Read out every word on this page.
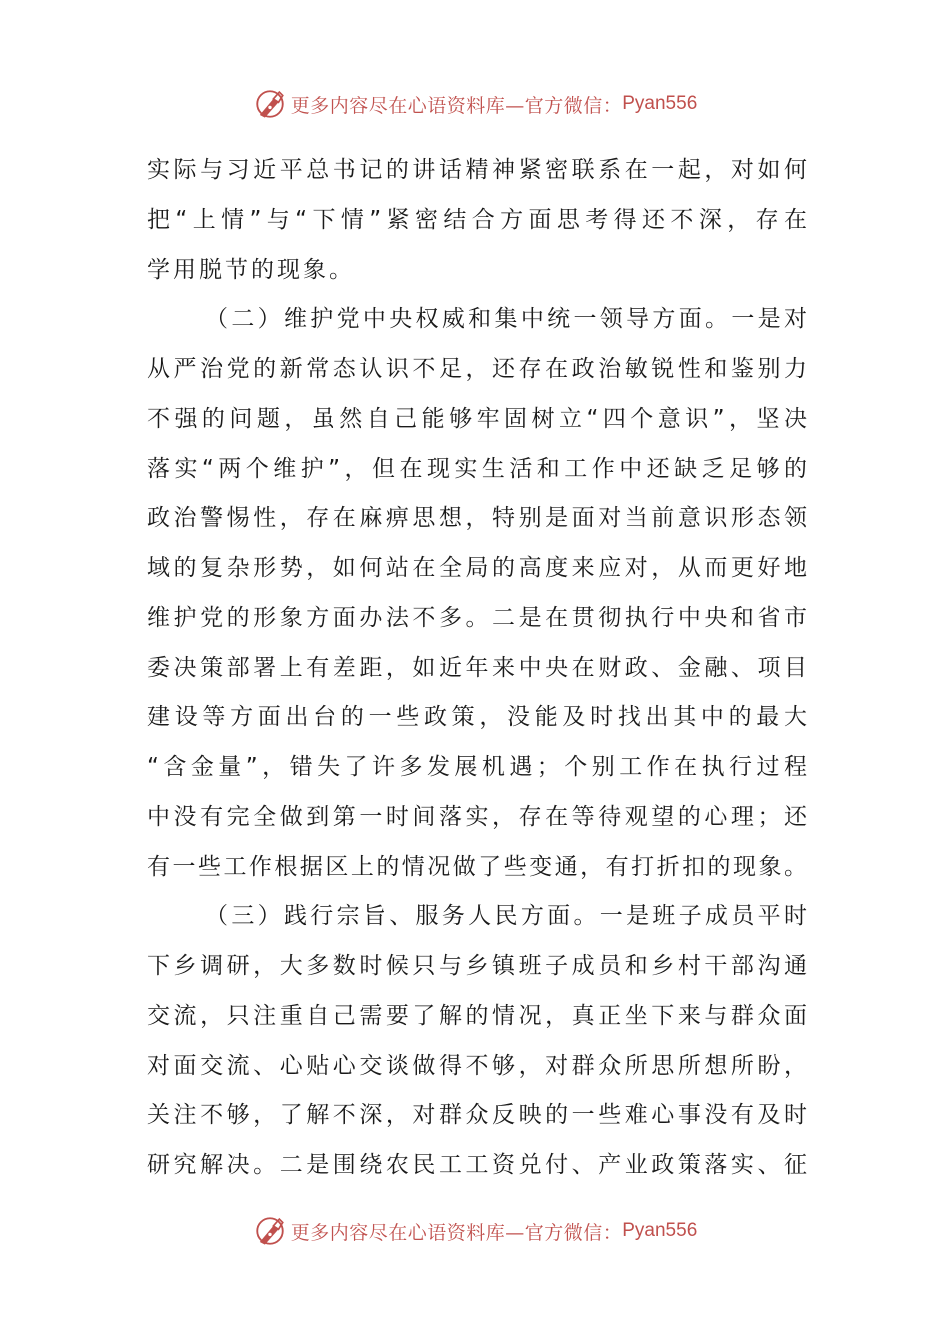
更多内容尽在心语资料库—官方微信： Pyan556
实际与习近平总书记的讲话精神紧密联系在一起，对如何
把“上情”与“下情”紧密结合方面思考得还不深，存在
学用脱节的现象。
（二）维护党中央权威和集中统一领导方面。一是对
从严治党的新常态认识不足，还存在政治敏锐性和鉴别力
不强的问题，虽然自己能够牢固树立“四个意识”，坚决
落实“两个维护”，但在现实生活和工作中还缺乏足够的
政治警惕性，存在麻痹思想，特别是面对当前意识形态领
域的复杂形势，如何站在全局的高度来应对，从而更好地
维护党的形象方面办法不多。二是在贯彻执行中央和省市
委决策部署上有差距，如近年来中央在财政、金融、项目
建设等方面出台的一些政策，没能及时找出其中的最大
“含金量”，错失了许多发展机遇；个别工作在执行过程
中没有完全做到第一时间落实，存在等待观望的心理；还
有一些工作根据区上的情况做了些变通，有打折扣的现象。
（三）践行宗旨、服务人民方面。一是班子成员平时
下乡调研，大多数时候只与乡镇班子成员和乡村干部沟通
交流，只注重自己需要了解的情况，真正坐下来与群众面
对面交流、心贴心交谈做得不够，对群众所思所想所盼，
关注不够，了解不深，对群众反映的一些难心事没有及时
研究解决。二是围绕农民工工资兑付、产业政策落实、征
更多内容尽在心语资料库—官方微信： Pyan556
